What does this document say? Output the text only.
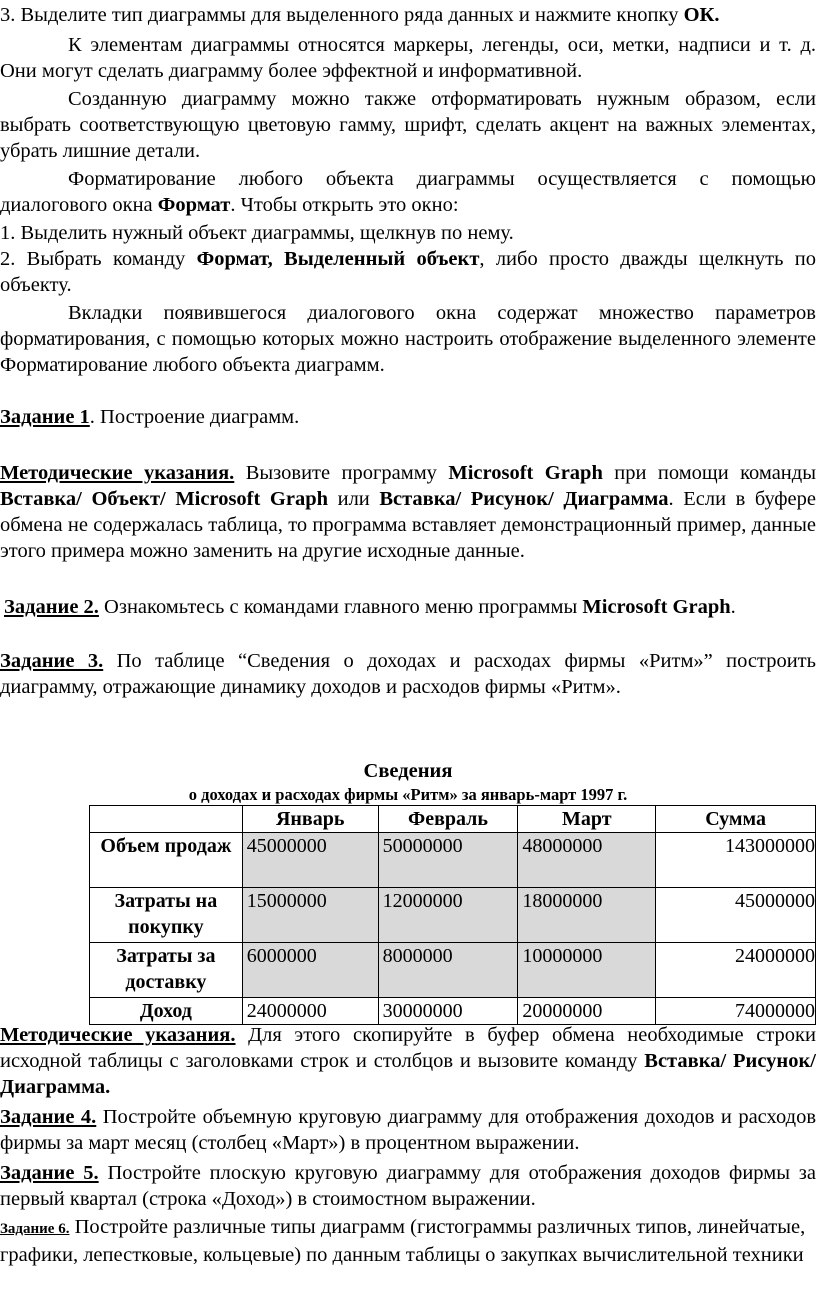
3. Выделите тип диаграммы для выделенного ряда данных и нажмите кнопку ОК.

К элементам диаграммы относятся маркеры, легенды, оси, метки, надписи и т. д. Они могут сделать диаграмму более эффектной и информативной.

Созданную диаграмму можно также отформатировать нужным образом, если выбрать соответствующую цветовую гамму, шрифт, сделать акцент на важных элементах, убрать лишние детали.

Форматирование любого объекта диаграммы осуществляется с помощью диалогового окна Формат. Чтобы открыть это окно:

1. Выделить нужный объект диаграммы, щелкнув по нему.

2. Выбрать команду Формат, Выделенный объект, либо просто дважды щелкнуть по объекту.

Вкладки появившегося диалогового окна содержат множество параметров форматирования, с помощью которых можно настроить отображение выделенного элементе Форматирование любого объекта диаграмм.

Задание 1. Построение диаграмм.

Методические указания. Вызовите программу Microsoft Graph при помощи команды Вставка/ Объект/ Microsoft Graph или Вставка/ Рисунок/ Диаграмма. Если в буфере обмена не содержалась таблица, то программа вставляет демонстрационный пример, данные этого примера можно заменить на другие исходные данные.

Задание 2. Ознакомьтесь с командами главного меню программы Microsoft Graph.

Задание 3. По таблице “Сведения о доходах и расходах фирмы «Ритм»” построить диаграмму, отражающие динамику доходов и расходов фирмы «Ритм».

Сведения
о доходах и расходах фирмы «Ритм» за январь-март 1997 г.
	Январь	Февраль	Март	Сумма
Объем продаж	45000000	50000000	48000000	143000000
Затраты на покупку	15000000	12000000	18000000	45000000
Затраты за доставку	6000000	8000000	10000000	24000000
Доход	24000000	30000000	20000000	74000000

Методические указания. Для этого скопируйте в буфер обмена необходимые строки исходной таблицы с заголовками строк и столбцов и вызовите команду Вставка/ Рисунок/ Диаграмма.

Задание 4. Постройте объемную круговую диаграмму для отображения доходов и расходов фирмы за март месяц (столбец «Март») в процентном выражении.

Задание 5. Постройте плоскую круговую диаграмму для отображения доходов фирмы за первый квартал (строка «Доход») в стоимостном выражении.

Задание 6. Постройте различные типы диаграмм (гистограммы различных типов, линейчатые, графики, лепестковые, кольцевые) по данным таблицы о закупках вычислительной техники
